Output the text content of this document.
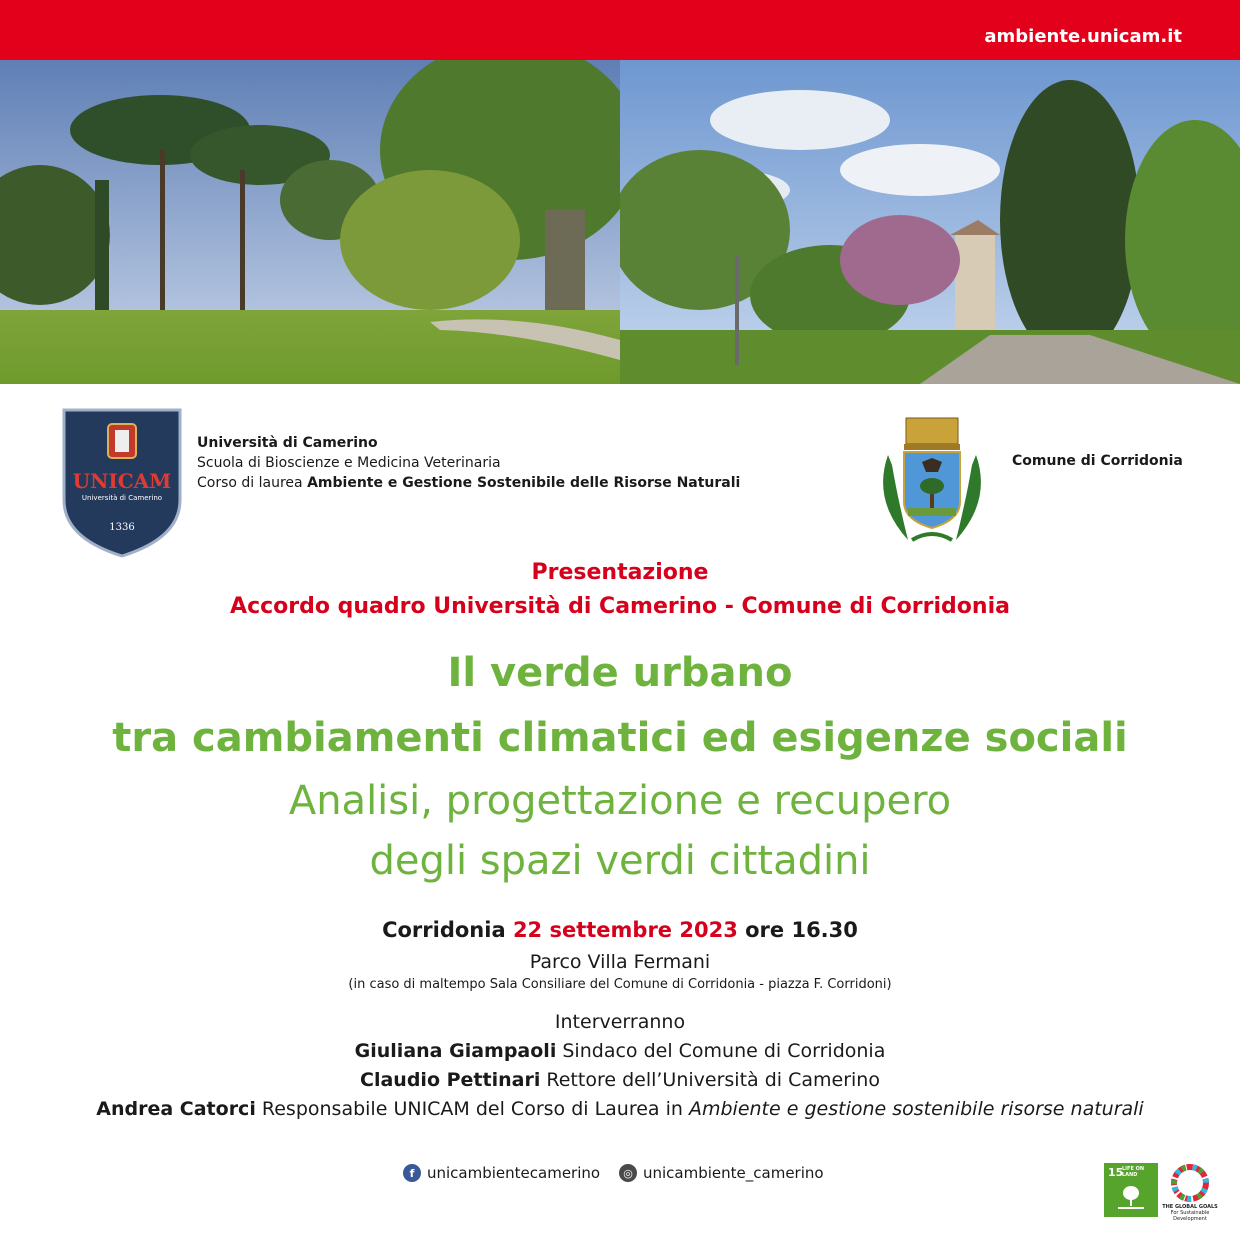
ambiente.unicam.it
UNICAM
Università di Camerino
1336
Università di Camerino
Scuola di Bioscienze e Medicina Veterinaria
Corso di laurea Ambiente e Gestione Sostenibile delle Risorse Naturali
Comune di Corridonia
Presentazione
Accordo quadro Università di Camerino - Comune di Corridonia
Il verde urbano
tra cambiamenti climatici ed esigenze sociali
Analisi, progettazione e recupero
degli spazi verdi cittadini
Corridonia 22 settembre 2023 ore 16.30
Parco Villa Fermani
(in caso di maltempo Sala Consiliare del Comune di Corridonia - piazza F. Corridoni)
Interverranno
Giuliana Giampaoli Sindaco del Comune di Corridonia
Claudio Pettinari Rettore dell’Università di Camerino
Andrea Catorci Responsabile UNICAM del Corso di Laurea in Ambiente e gestione sostenibile risorse naturali
f unicambientecamerino	◎ unicambiente_camerino	15
LIFE ON LAND
THE GLOBAL GOALS
For Sustainable Development
